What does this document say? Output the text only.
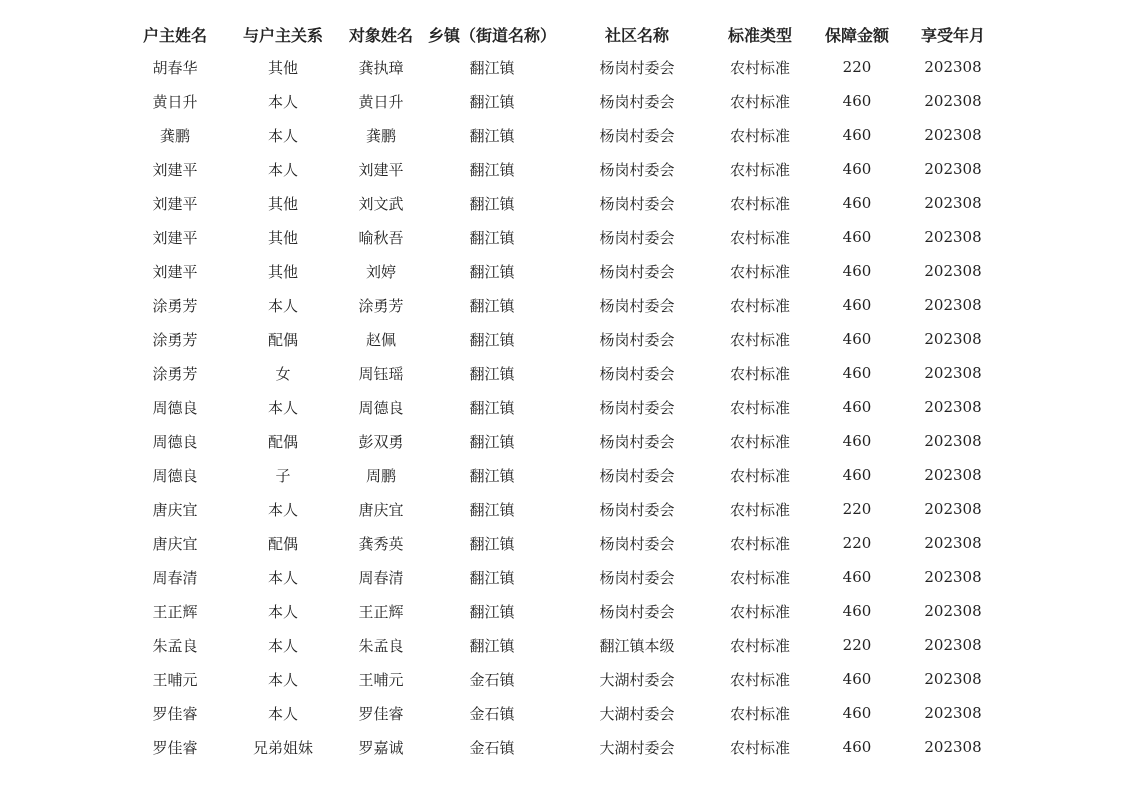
户主姓名	与户主关系	对象姓名	乡镇（街道名称）	社区名称	标准类型	保障金额	享受年月
胡春华	其他	龚执璋	翻江镇	杨岗村委会	农村标准	220	202308
黄日升	本人	黄日升	翻江镇	杨岗村委会	农村标准	460	202308
龚鹏	本人	龚鹏	翻江镇	杨岗村委会	农村标准	460	202308
刘建平	本人	刘建平	翻江镇	杨岗村委会	农村标准	460	202308
刘建平	其他	刘文武	翻江镇	杨岗村委会	农村标准	460	202308
刘建平	其他	喻秋吾	翻江镇	杨岗村委会	农村标准	460	202308
刘建平	其他	刘婷	翻江镇	杨岗村委会	农村标准	460	202308
涂勇芳	本人	涂勇芳	翻江镇	杨岗村委会	农村标准	460	202308
涂勇芳	配偶	赵佩	翻江镇	杨岗村委会	农村标准	460	202308
涂勇芳	女	周钰瑶	翻江镇	杨岗村委会	农村标准	460	202308
周德良	本人	周德良	翻江镇	杨岗村委会	农村标准	460	202308
周德良	配偶	彭双勇	翻江镇	杨岗村委会	农村标准	460	202308
周德良	子	周鹏	翻江镇	杨岗村委会	农村标准	460	202308
唐庆宜	本人	唐庆宜	翻江镇	杨岗村委会	农村标准	220	202308
唐庆宜	配偶	龚秀英	翻江镇	杨岗村委会	农村标准	220	202308
周春清	本人	周春清	翻江镇	杨岗村委会	农村标准	460	202308
王正辉	本人	王正辉	翻江镇	杨岗村委会	农村标准	460	202308
朱孟良	本人	朱孟良	翻江镇	翻江镇本级	农村标准	220	202308
王哺元	本人	王哺元	金石镇	大湖村委会	农村标准	460	202308
罗佳睿	本人	罗佳睿	金石镇	大湖村委会	农村标准	460	202308
罗佳睿	兄弟姐妹	罗嘉诚	金石镇	大湖村委会	农村标准	460	202308
